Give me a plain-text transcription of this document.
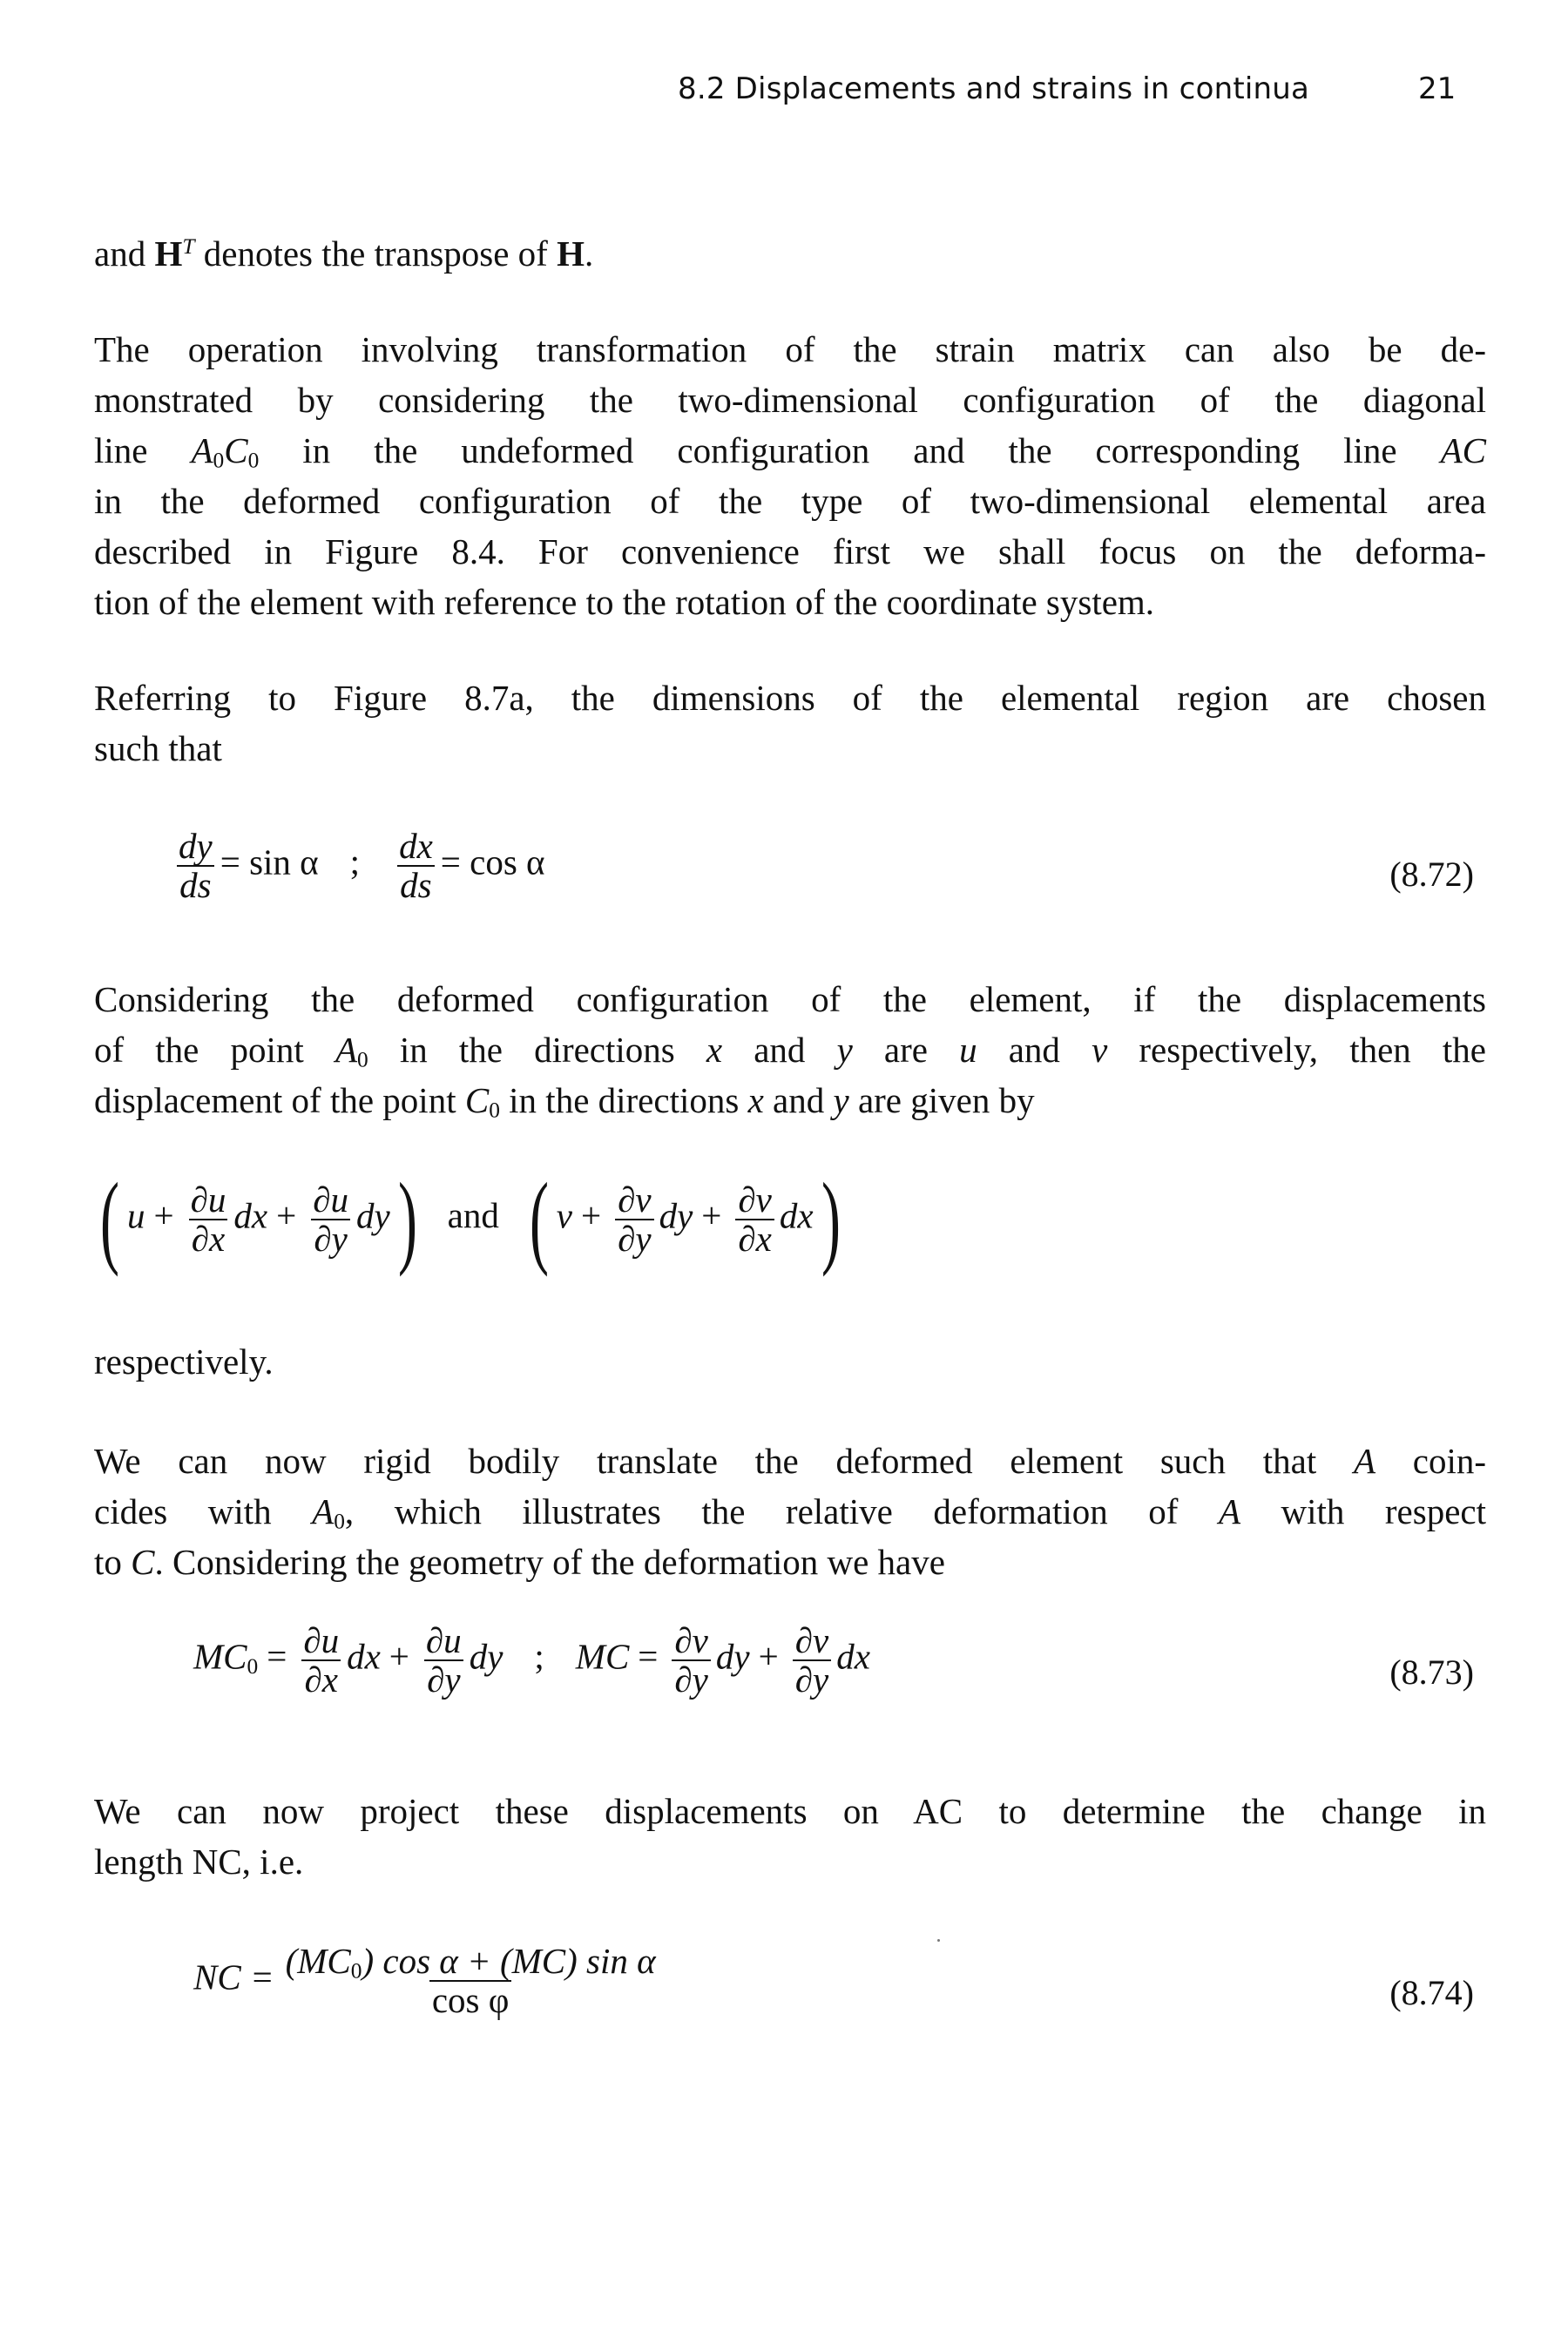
8.2 Displacements and strains in continua	21

and $H^T$ denotes the transpose of H.

The operation involving transformation of the strain matrix can also be de-
monstrated by considering the two-dimensional configuration of the diagonal
line $A_0C_0$ in the undeformed configuration and the corresponding line AC
in the deformed configuration of the type of two-dimensional elemental area
described in Figure 8.4. For convenience first we shall focus on the deforma-
tion of the element with reference to the rotation of the coordinate system.

Referring to Figure 8.7a, the dimensions of the elemental region are chosen
such that

$\frac{dy}{ds} = \sin \alpha$ ; $\frac{dx}{ds} = \cos \alpha$	(8.72)

Considering the deformed configuration of the element, if the displacements
of the point $A_0$ in the directions x and y are u and v respectively, then the
displacement of the point $C_0$ in the directions x and y are given by

( $u + \frac{\partial u}{\partial x}$ dx + $\frac{\partial u}{\partial y} dy$) and ( $v + \frac{\partial v}{\partial y}$ dy + $\frac{\partial v}{\partial x} dx$)

respectively.

We can now rigid bodily translate the deformed element such that A coin-
cides with $A_0$, which illustrates the relative deformation of A with respect
to C. Considering the geometry of the deformation we have

$MC_0 = \frac{\partial u}{\partial x}$ dx + $\frac{\partial u}{\partial y}$ dy ; MC = $\frac{\partial v}{\partial y}$ dy + $\frac{\partial v}{\partial y}$ dx	(8.73)

We can now project these displacements on AC to determine the change in
length NC, i.e.

NC = $\frac{(MC_0) \cos \alpha + (MC) \sin \alpha}{\text{cos φ}}$	(8.74)
